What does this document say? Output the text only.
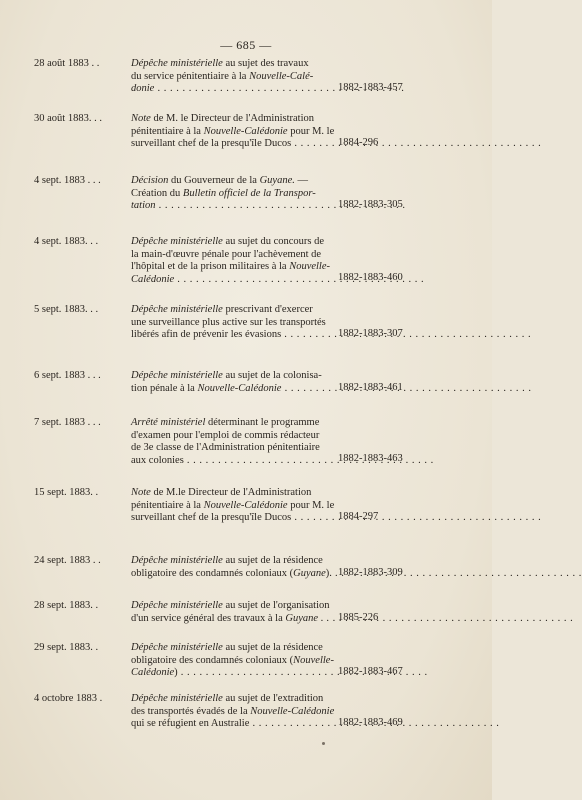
— 685 —
28 août 1883 . .	Dépêche ministérielle au sujet des travaux
du service pénitentiaire à la Nouvelle-Calé-
donie . . .	1882-1883-457
30 août 1883. . .	Note de M. le Directeur de l'Administration
pénitentiaire à la Nouvelle-Calédonie pour M. le
surveillant chef de la presqu'île Ducos . . .	1884-296
4 sept. 1883 . . .	Décision du Gouverneur de la Guyane. —
Création du Bulletin officiel de la Transpor-
tation . . .	1882-1883-305
4 sept. 1883. . .	Dépêche ministérielle au sujet du concours de
la main-d'œuvre pénale pour l'achèvement de
l'hôpital et de la prison militaires à la Nouvelle-
Calédonie . . .	1882-1883-460
5 sept. 1883. . .	Dépêche ministérielle prescrivant d'exercer
une surveillance plus active sur les transportés
libérés afin de prévenir les évasions . . .	1882-1883-307
6 sept. 1883 . . .	Dépêche ministérielle au sujet de la colonisa-
tion pénale à la Nouvelle-Calédonie . . .	1882-1883-461
7 sept. 1883 . . .	Arrêté ministériel déterminant le programme
d'examen pour l'emploi de commis rédacteur
de 3e classe de l'Administration pénitentiaire
aux colonies . . .	1882-1883-463
15 sept. 1883. .	Note de M.le Directeur de l'Administration
pénitentiaire à la Nouvelle-Calédonie pour M. le
surveillant chef de la presqu'île Ducos . . .	1884-297
24 sept. 1883 . .	Dépêche ministérielle au sujet de la résidence
obligatoire des condamnés coloniaux (Guyane). . . . 1882-1883-309
28 sept. 1883. .	Dépêche ministérielle au sujet de l'organisation
d'un service général des travaux à la Guyane . . . .	1885-226
29 sept. 1883. .	Dépêche ministérielle au sujet de la résidence
obligatoire des condamnés coloniaux (Nouvelle-
Calédonie) . . .	1882-1883-467
4 octobre 1883 .	Dépêche ministérielle au sujet de l'extradition
des transportés évadés de la Nouvelle-Calédonie
qui se réfugient en Australie . . .	1882-1883-469
